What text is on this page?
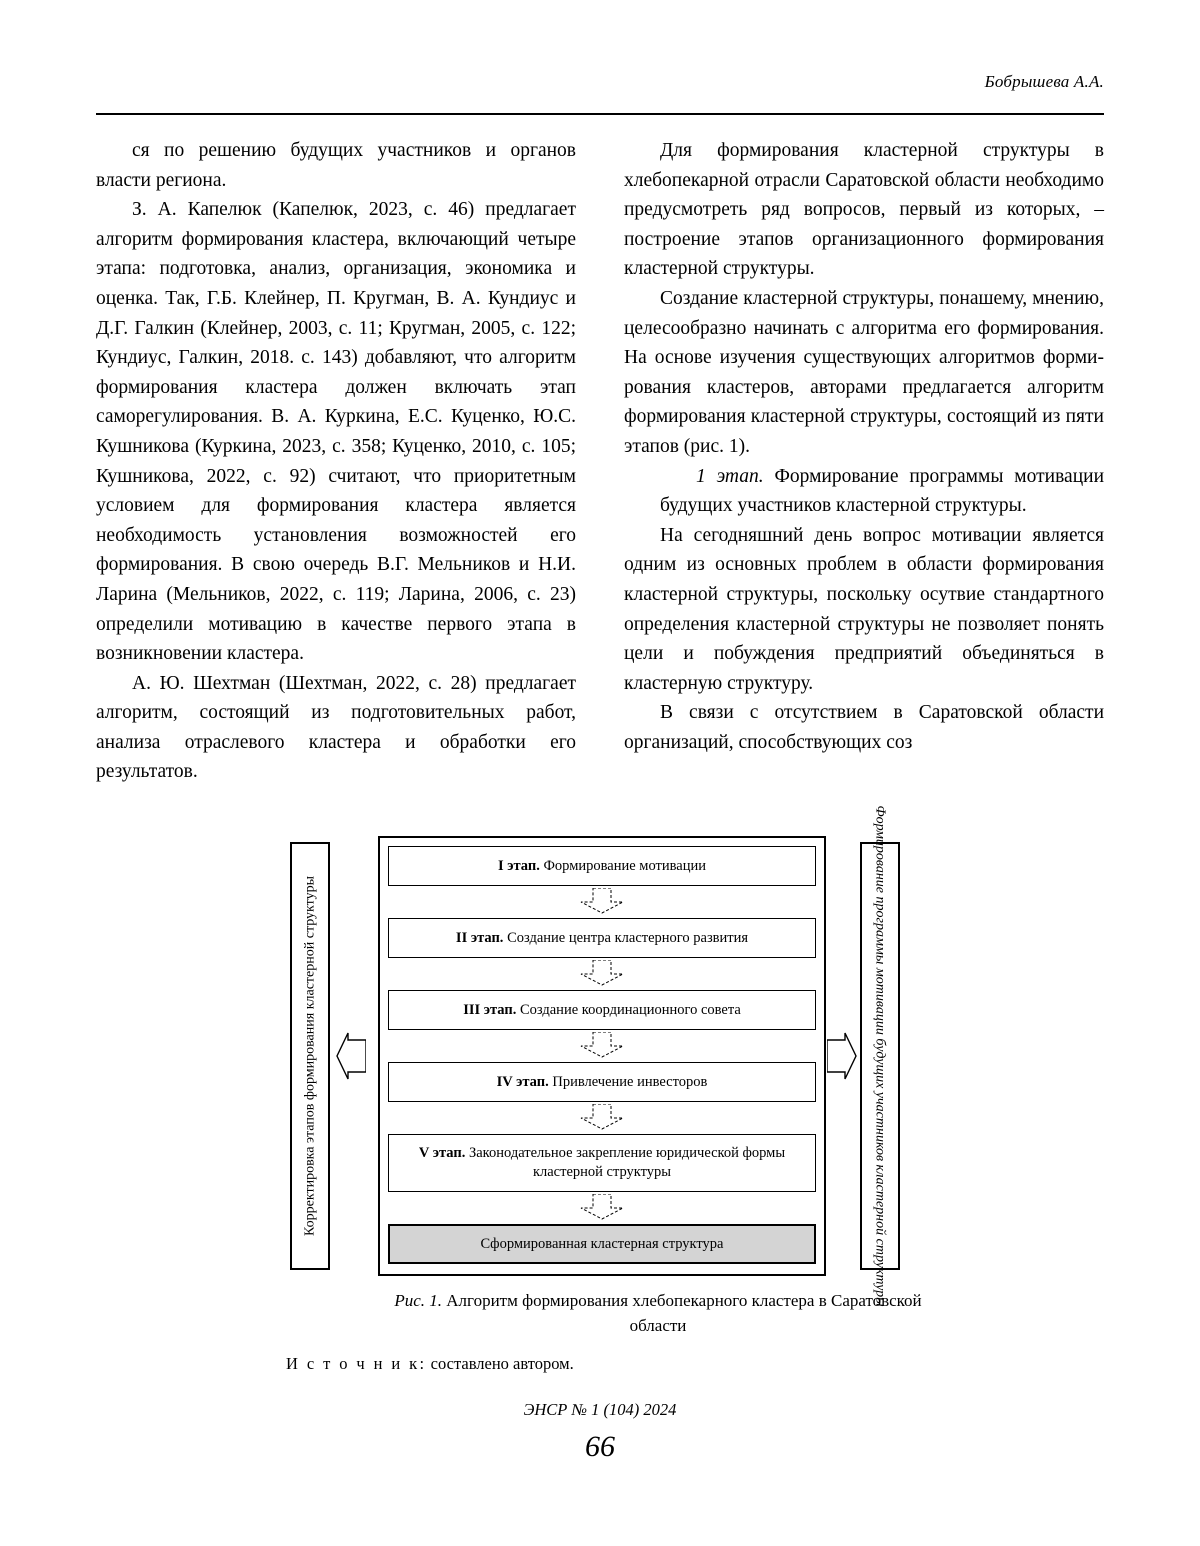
Бобрышева А.А.

ся по решению будущих участников и органов власти региона.

З. А. Капелюк (Капелюк, 2023, с. 46) предлагает алгоритм формирования кластера, включающий четыре этапа: подготовка, анализ, организация, экономика и оценка. Так, Г.Б. Клейнер, П. Кругман, В. А. Кундиус и Д.Г. Галкин (Клейнер, 2003, с. 11; Кругман, 2005, с. 122; Кундиус, Галкин, 2018. с. 143) добавляют, что алгоритм формирования кластера должен включать этап саморегулирования. В. А. Куркина, Е.С. Куценко, Ю.С. Кушникова (Куркина, 2023, с. 358; Куценко, 2010, с. 105; Кушникова, 2022, с. 92) считают, что приоритетным условием для формирования кластера является необходимость установления возможностей его формирования. В свою очередь В.Г. Мельников и Н.И. Ларина (Мельников, 2022, с. 119; Ларина, 2006, с. 23) определили мотивацию в качестве первого этапа в возникновении кластера.

А. Ю. Шехтман (Шехтман, 2022, с. 28) предлагает алгоритм, состоящий из подготовительных работ, анализа отраслевого кластера и обработки его результатов.

Для формирования кластерной структуры в хлебопекарной отрасли Саратовской области необходимо предусмотреть ряд вопросов, первый из которых, – построение этапов организационного формирования кластерной структуры.

Создание кластерной структуры, понашему, мнению, целесообразно начинать с алгоритма его формирования. На основе изучения существующих алгоритмов формирования кластеров, авторами предлагается алгоритм формирования кластерной структуры, состоящий из пяти этапов (рис. 1).

1 этап. Формирование программы мотивации будущих участников кластерной структуры.

На сегодняшний день вопрос мотивации является одним из основных проблем в области формирования кластерной структуры, поскольку оcутвие стандартного определения кластерной структуры не позволяет понять цели и побуждения предприятий объединяться в кластерную структуру.

В связи с отсутствием в Саратовской области организаций, способствующих соз

Корректировка этапов формирования кластерной структуры	Формирование программы мотивации будущих участников кластерной структуры
I этап. Формирование мотивации
II этап. Создание центра кластерного развития
III этап. Создание координационного совета
IV этап. Привлечение инвесторов
V этап. Законодательное закрепление юридической формы кластерной структуры
Сформированная кластерная структура
Рис. 1. Алгоритм формирования хлебопекарного кластера в Саратовской области
И с т о ч н и к: составлено автором.
ЭНСР № 1 (104) 2024
66
